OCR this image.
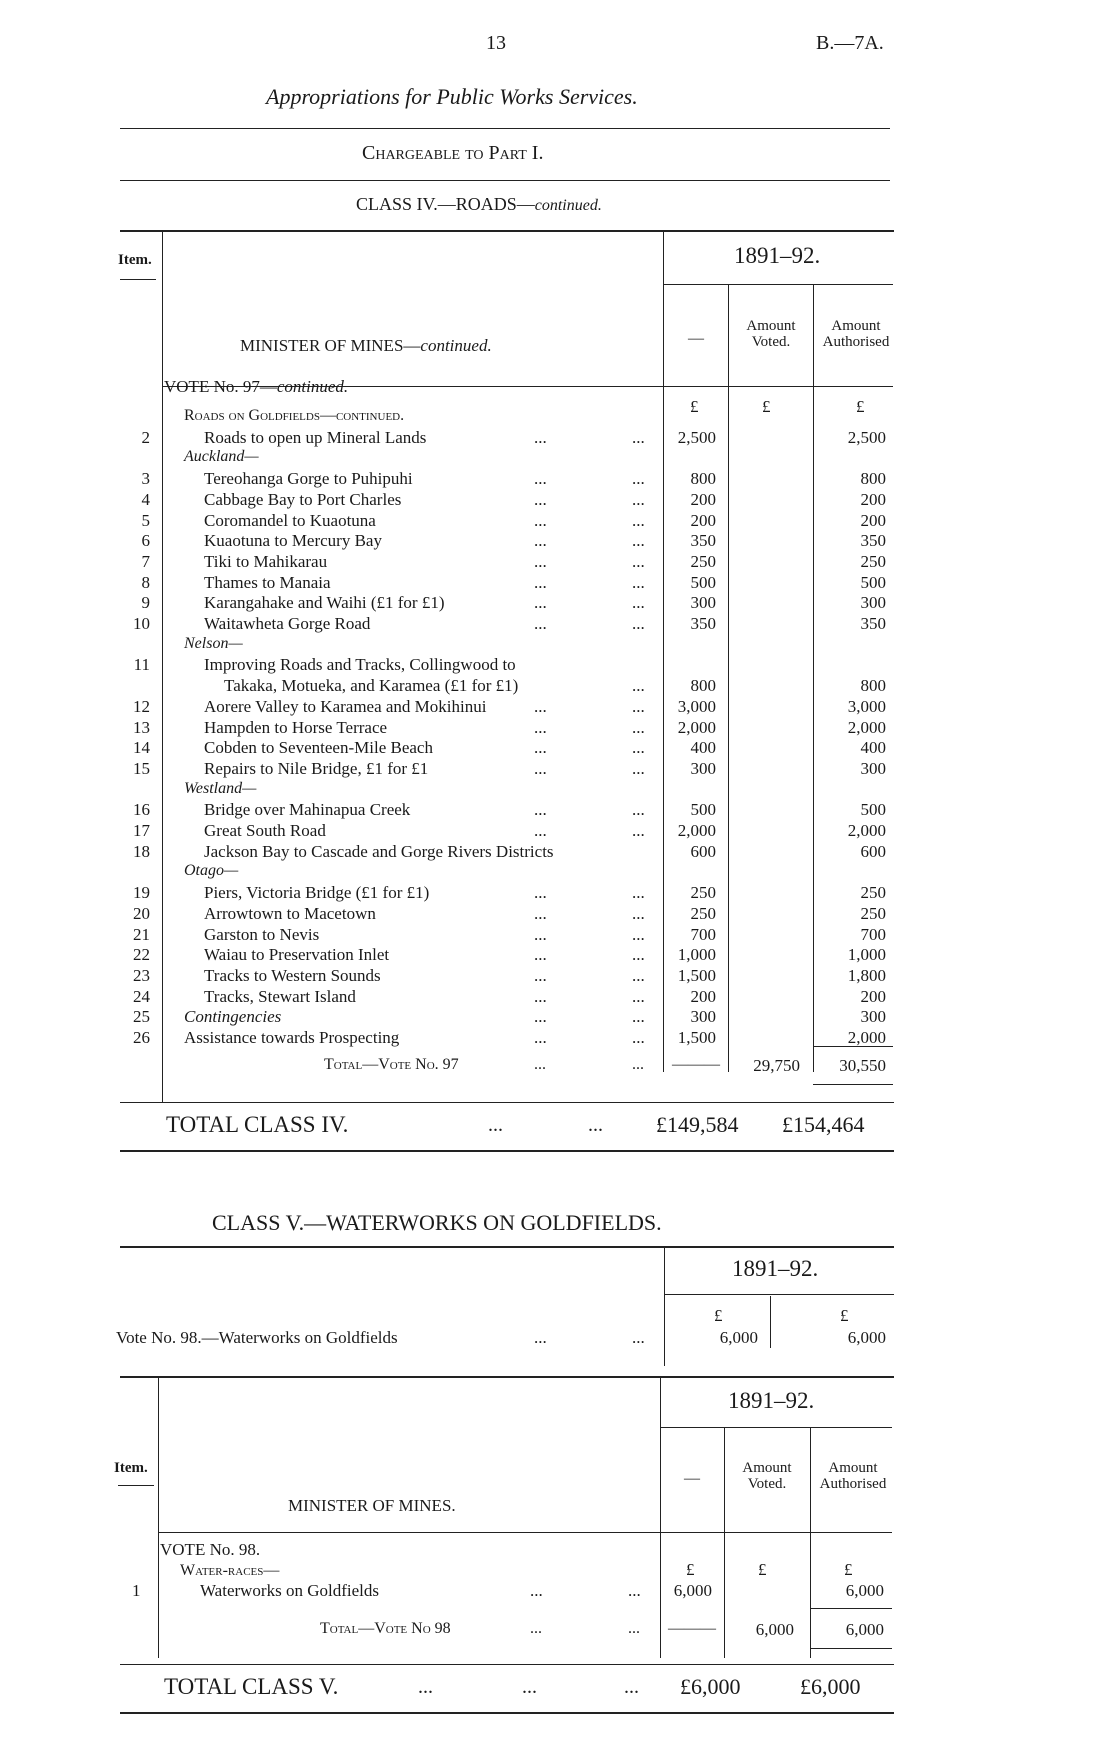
13	B.—7A.
Appropriations for Public Works Services.
Chargeable to Part I.
CLASS IV.—ROADS—continued.
Item.	1891–92.
—
Amount Voted.
Amount Authorised
MINISTER OF MINES—continued.
VOTE No. 97—continued.
£	£	£
Roads on Goldfields—continued.
2	Roads to open up Mineral Lands	...	...	2,500	2,500
Auckland—
3	Tereohanga Gorge to Puhipuhi	...	...	800	800
4	Cabbage Bay to Port Charles	...	...	200	200
5	Coromandel to Kuaotuna	...	...	200	200
6	Kuaotuna to Mercury Bay	...	...	350	350
7	Tiki to Mahikarau	...	...	250	250
8	Thames to Manaia	...	...	500	500
9	Karangahake and Waihi (£1 for £1)	...	...	300	300
10	Waitawheta Gorge Road	...	...	350	350
Nelson—
11	Improving Roads and Tracks, Collingwood to
Takaka, Motueka, and Karamea (£1 for £1)	...	800	800
12	Aorere Valley to Karamea and Mokihinui	...	...	3,000	3,000
13	Hampden to Horse Terrace	...	...	2,000	2,000
14	Cobden to Seventeen-Mile Beach	...	...	400	400
15	Repairs to Nile Bridge, £1 for £1	...	...	300	300
Westland—
16	Bridge over Mahinapua Creek	...	...	500	500
17	Great South Road	...	...	2,000	2,000
18	Jackson Bay to Cascade and Gorge Rivers Districts	600	600
Otago—
19	Piers, Victoria Bridge (£1 for £1)	...	...	250	250
20	Arrowtown to Macetown	...	...	250	250
21	Garston to Nevis	...	...	700	700
22	Waiau to Preservation Inlet	...	...	1,000	1,000
23	Tracks to Western Sounds	...	...	1,500	1,800
24	Tracks, Stewart Island	...	...	200	200
25 Contingencies	...	...	300	300
26 Assistance towards Prospecting	...	...	1,500	2,000
Total—Vote No. 97	...	...	———	29,750	30,550
TOTAL CLASS IV.	...	... £149,584 £154,464
CLASS V.—WATERWORKS ON GOLDFIELDS.
1891–92.
£	£
Vote No. 98.—Waterworks on Goldfields	...	...	6,000	6,000
Item.
1891–92.
—
Amount Voted.
Amount Authorised
MINISTER OF MINES.
VOTE No. 98.
Water-races—	£	£	£
1	Waterworks on Goldfields	...	...	6,000	6,000
Total—Vote No 98	...	...	———	6,000	6,000
TOTAL CLASS V.	...	...	... £6,000	£6,000
